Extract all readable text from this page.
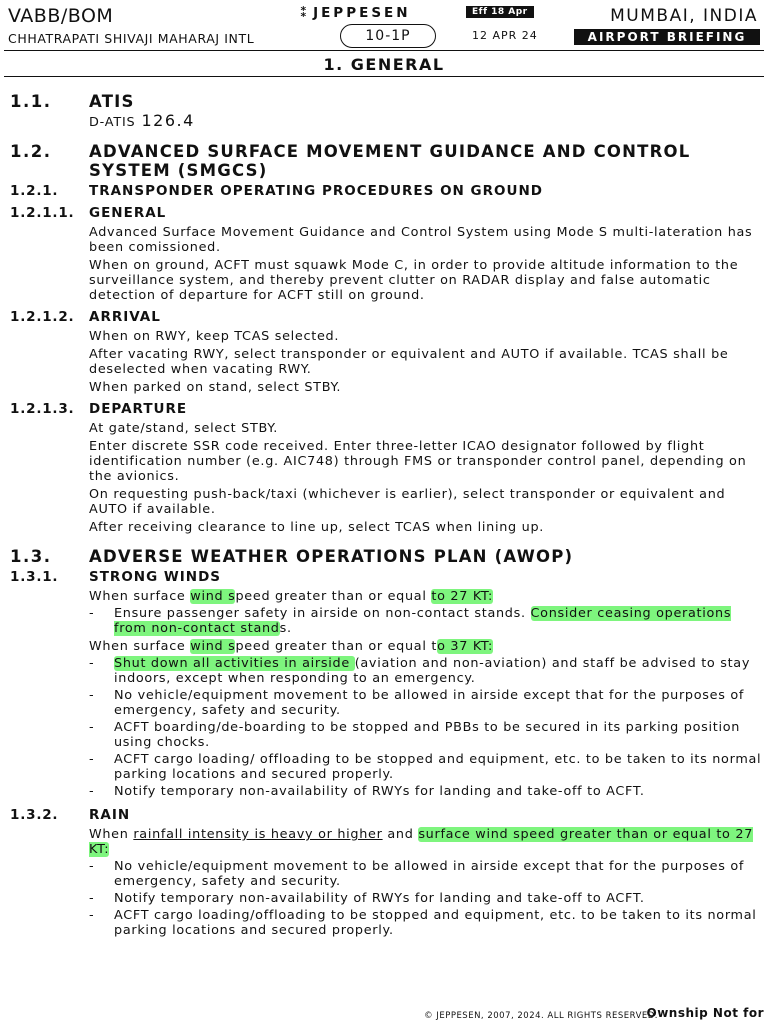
VABB/BOM
CHHATRAPATI SHIVAJI MAHARAJ INTL
⁑ JEPPESEN	Eff 18 Apr
10-1P	12 APR 24
MUMBAI, INDIA
AIRPORT BRIEFING
1. GENERAL
1.1. ATIS
D-ATIS 126.4
1.2. ADVANCED SURFACE MOVEMENT GUIDANCE AND CONTROL SYSTEM (SMGCS)
1.2.1. TRANSPONDER OPERATING PROCEDURES ON GROUND
1.2.1.1. GENERAL
Advanced Surface Movement Guidance and Control System using Mode S multi-lateration has been comissioned.
When on ground, ACFT must squawk Mode C, in order to provide altitude information to the surveillance system, and thereby prevent clutter on RADAR display and false automatic detection of departure for ACFT still on ground.
1.2.1.2. ARRIVAL
When on RWY, keep TCAS selected.
After vacating RWY, select transponder or equivalent and AUTO if available. TCAS shall be deselected when vacating RWY.
When parked on stand, select STBY.
1.2.1.3. DEPARTURE
At gate/stand, select STBY.
Enter discrete SSR code received. Enter three-letter ICAO designator followed by flight identification number (e.g. AIC748) through FMS or transponder control panel, depending on the avionics.
On requesting push-back/taxi (whichever is earlier), select transponder or equivalent and AUTO if available.
After receiving clearance to line up, select TCAS when lining up.
1.3. ADVERSE WEATHER OPERATIONS PLAN (AWOP)
1.3.1. STRONG WINDS
When surface wind speed greater than or equal to 27 KT:
- Ensure passenger safety in airside on non-contact stands. Consider ceasing operations from non-contact stands.
When surface wind speed greater than or equal to 37 KT:
- Shut down all activities in airside (aviation and non-aviation) and staff be advised to stay indoors, except when responding to an emergency.
- No vehicle/equipment movement to be allowed in airside except that for the purposes of emergency, safety and security.
- ACFT boarding/de-boarding to be stopped and PBBs to be secured in its parking position using chocks.
- ACFT cargo loading/ offloading to be stopped and equipment, etc. to be taken to its normal parking locations and secured properly.
- Notify temporary non-availability of RWYs for landing and take-off to ACFT.
1.3.2. RAIN
When rainfall intensity is heavy or higher and surface wind speed greater than or equal to 27 KT:
- No vehicle/equipment movement to be allowed in airside except that for the purposes of emergency, safety and security.
- Notify temporary non-availability of RWYs for landing and take-off to ACFT.
- ACFT cargo loading/offloading to be stopped and equipment, etc. to be taken to its normal parking locations and secured properly.
© JEPPESEN, 2007, 2024. ALL RIGHTS RESERVED.
Ownship Not for
